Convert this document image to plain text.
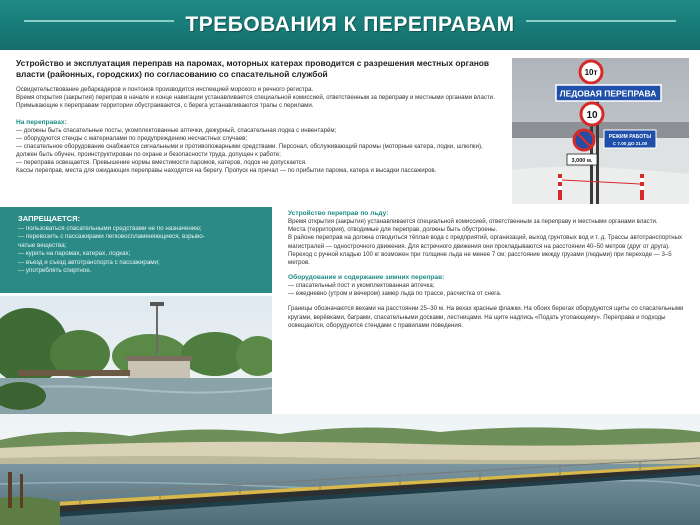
ТРЕБОВАНИЯ К ПЕРЕПРАВАМ

Устройство и эксплуатация переправ на паромах, моторных катерах проводится с разрешения местных органов власти (районных, городских) по согласованию со спасательной службой

Освидетельствование дебаркадеров и понтонов производится инспекцией морского и речного регистра.

Время открытия (закрытия) переправ в начале и конце навигации устанавливается специальной комиссией, ответственным за переправу и местными органами власти. Примыкающие к переправам территории обустраиваются, с берега устанавливаются трапы с перилами.

На переправах:

— должны быть спасательные посты, укомплектованные аптечки, дежурный, спасательная лодка с инвентарём;
— оборудуются стенды с материалами по предупреждению несчастных случаев;
— спасательное оборудование снабжается сигнальными и противопожарными средствами. Персонал, обслуживающий паромы (моторные катера, лодки, шлюпки), должен быть обучен, проинструктирован по охране и безопасности труда, допущен к работе;
— переправа освещается. Превышение нормы вместимости паромов, катеров, лодок не допускается.

Кассы переправ, места для ожидающих переправы находятся на берегу. Пропуск на причал — по прибытии парома, катера и высадки пассажиров.

10т
ЛЕДОВАЯ ПЕРЕПРАВА
10
РЕЖИМ РАБОТЫ
С 7.00 ДО 21.00
3,000 м.

ЗАПРЕЩАЕТСЯ:

— пользоваться спасательными средствами не по назначению;
— перевозить с пассажирами легковоспламеняющиеся, взрыво-
чатые вещества;
— курить на паромах, катерах, лодках;
— въезд и съезд автотранспорта с пассажирами;
— употреблять спиртное.

Устройство переправ по льду:

Время открытия (закрытия) устанавливается специальной комиссией, ответственным за переправу и местными органами власти.

Места (территория), отводимые для переправ, должны быть обустроены.

В районе переправ на должна отводиться тёплая вода с предприятий, организаций, выход грунтовых вод и т. д. Трассы автотранспортных магистралей — однострочного движения. Для встречного движения они прокладываются на расстоянии 40–50 метров (друг от друга). Переход с ручной кладью 100 кг возможен при толщине льда не менее 7 см; расстояние между грузами (людьми) при переходе — 3–5 метров.

Оборудование и содержание зимних переправ:

— спасательный пост и укомплектованная аптечка;
— ежедневно (утром и вечером) замер льда по трассе, расчистка от снега.

Границы обозначаются вехами на расстоянии 25–30 м. На вехах красные флажки. На обоих берегах оборудуются щиты со спасательными кругами, верёвками, баграми, спасательными досками, лестницами. На щите надпись «Подать утопающему». Переправа и подходы освещаются, оборудуются стендами с правилами поведения.
